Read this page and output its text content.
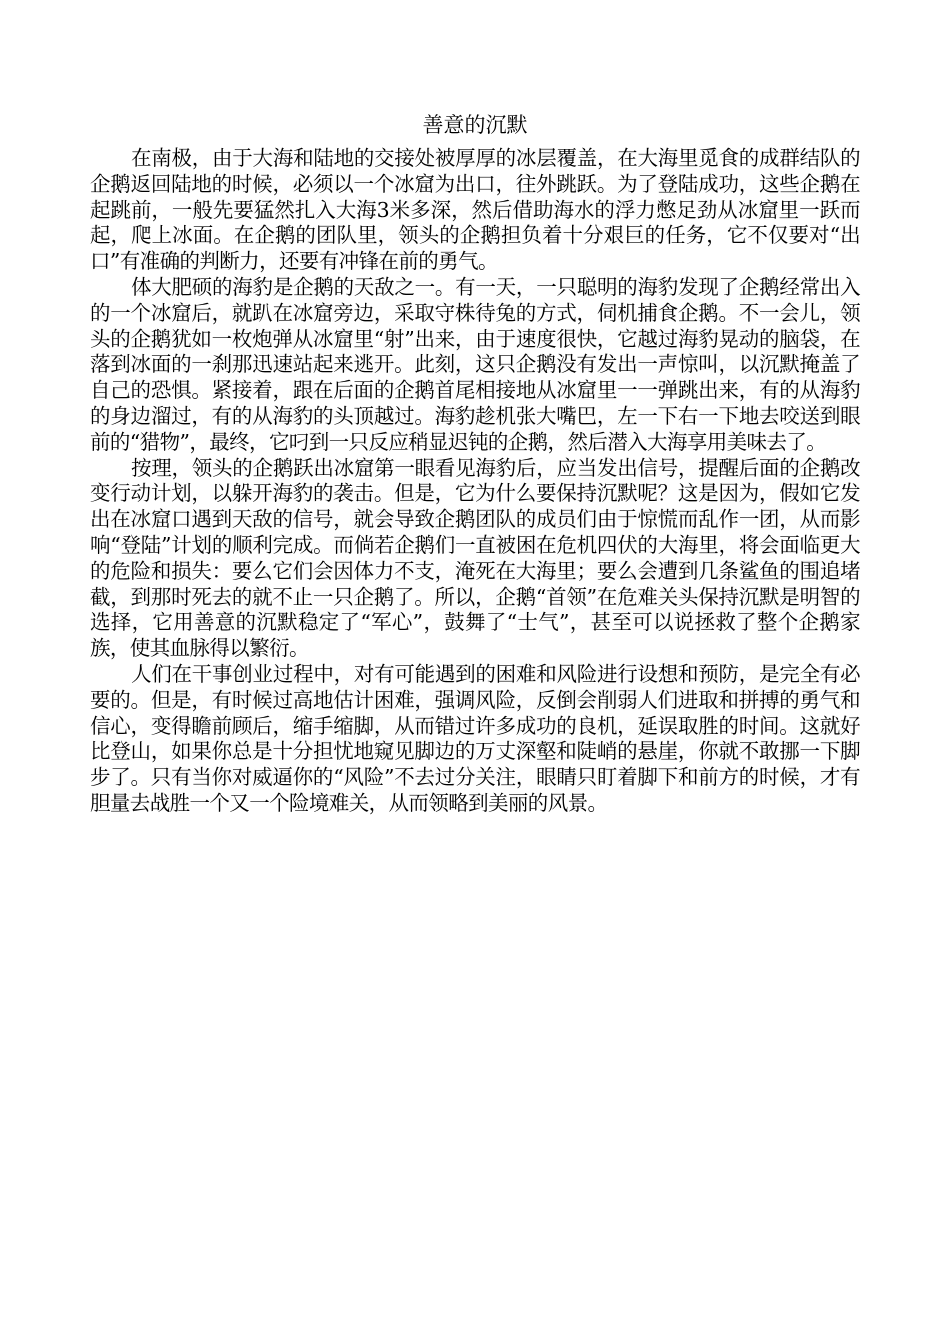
善意的沉默

在南极，由于大海和陆地的交接处被厚厚的冰层覆盖，在大海里觅食的成群结队的企鹅返回陆地的时候，必须以一个冰窟为出口，往外跳跃。为了登陆成功，这些企鹅在起跳前，一般先要猛然扎入大海3米多深，然后借助海水的浮力憋足劲从冰窟里一跃而起，爬上冰面。在企鹅的团队里，领头的企鹅担负着十分艰巨的任务，它不仅要对“出口”有准确的判断力，还要有冲锋在前的勇气。

体大肥硕的海豹是企鹅的天敌之一。有一天，一只聪明的海豹发现了企鹅经常出入的一个冰窟后，就趴在冰窟旁边，采取守株待兔的方式，伺机捕食企鹅。不一会儿，领头的企鹅犹如一枚炮弹从冰窟里“射”出来，由于速度很快，它越过海豹晃动的脑袋，在落到冰面的一刹那迅速站起来逃开。此刻，这只企鹅没有发出一声惊叫，以沉默掩盖了自己的恐惧。紧接着，跟在后面的企鹅首尾相接地从冰窟里一一弹跳出来，有的从海豹的身边溜过，有的从海豹的头顶越过。海豹趁机张大嘴巴，左一下右一下地去咬送到眼前的“猎物”，最终，它叼到一只反应稍显迟钝的企鹅，然后潜入大海享用美味去了。

按理，领头的企鹅跃出冰窟第一眼看见海豹后，应当发出信号，提醒后面的企鹅改变行动计划，以躲开海豹的袭击。但是，它为什么要保持沉默呢？这是因为，假如它发出在冰窟口遇到天敌的信号，就会导致企鹅团队的成员们由于惊慌而乱作一团，从而影响“登陆”计划的顺利完成。而倘若企鹅们一直被困在危机四伏的大海里，将会面临更大的危险和损失：要么它们会因体力不支，淹死在大海里；要么会遭到几条鲨鱼的围追堵截，到那时死去的就不止一只企鹅了。所以，企鹅“首领”在危难关头保持沉默是明智的选择，它用善意的沉默稳定了“军心”，鼓舞了“士气”，甚至可以说拯救了整个企鹅家族，使其血脉得以繁衍。

人们在干事创业过程中，对有可能遇到的困难和风险进行设想和预防，是完全有必要的。但是，有时候过高地估计困难，强调风险，反倒会削弱人们进取和拼搏的勇气和信心，变得瞻前顾后，缩手缩脚，从而错过许多成功的良机，延误取胜的时间。这就好比登山，如果你总是十分担忧地窥见脚边的万丈深壑和陡峭的悬崖，你就不敢挪一下脚步了。只有当你对威逼你的“风险”不去过分关注，眼睛只盯着脚下和前方的时候，才有胆量去战胜一个又一个险境难关，从而领略到美丽的风景。
